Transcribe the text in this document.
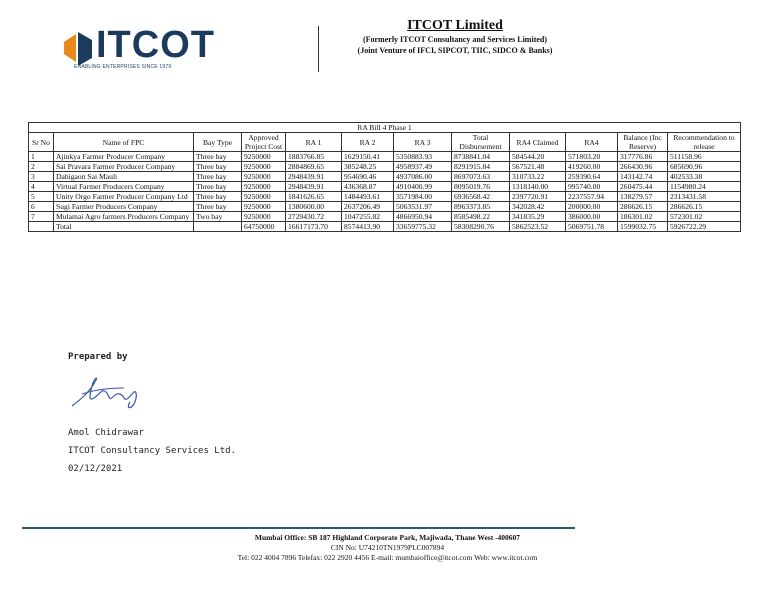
ITCOT
ENABLING ENTERPRISES SINCE 1979
ITCOT Limited
(Formerly ITCOT Consultancy and Services Limited)
(Joint Venture of IFCI, SIPCOT, TIIC, SIDCO & Banks)
RA Bill 4 Phase 1											
Sr No	Name of FPC	Bay Type	Approved Project Cost	RA 1	RA 2	RA 3	Total Disbursement	RA4 Claimed	RA4	Balance (Inc Reserve)	Recommendation to release
1	Ajinkya Farmer Producer Company	Three bay	9250000	1883766.85	1629150.41	5350883.93	8738841.04	584544.20	571803.20	317776.86	511158.96
2	Sai Pravara Farmer Producer Company	Three bay	9250000	2884869.65	385248.25	4958937.49	8291915.84	567521.48	419260.00	266430.96	685690.96
3	Dahigaon Sai Mauli	Three bay	9250000	2948439.91	954690.46	4937086.00	8697073.63	310733.22	259390.64	143142.74	402533.38
4	Virtual Farmer Producers Company	Three bay	9250000	2948439.91	436368.87	4910400.99	8095019.76	1318140.00	995740.00	260475.44	1154980.24
5	Unity Orgo Farmer Producer Company Ltd	Three bay	9250000	1841626.65	1484493.61	3571984.00	6936568.42	2397720.91	2237557.94	138279.57	2313431.58
6	Sugi Farmer Producers Company	Three bay	9250000	1380600.00	2637206.49	5063531.97	8963373.85	342028.42	200000.00	286626.15	286626.15
7	Mulamai Agro farmers Producers Company	Two bay	9250000	2729430.72	1047255.82	4866950.94	8585498.22	341835.29	386000.00	186301.02	572301.02
	Total		64750000	16617173.70	8574413.90	33659775.32	58308290.76	5862523.52	5069751.78	1599032.75	5926722.29
Prepared by
Amol Chidrawar
ITCOT Consultancy Services Ltd.
02/12/2021
Mumbai Office: SB 187 Highland Corporate Park, Majiwada, Thane West -400607
CIN No: U74210TN1979PLC007894
Tel: 022 4004 7896 Telefax: 022 2920 4456 E-mail: mumbaioffice@itcot.com Web: www.itcot.com
